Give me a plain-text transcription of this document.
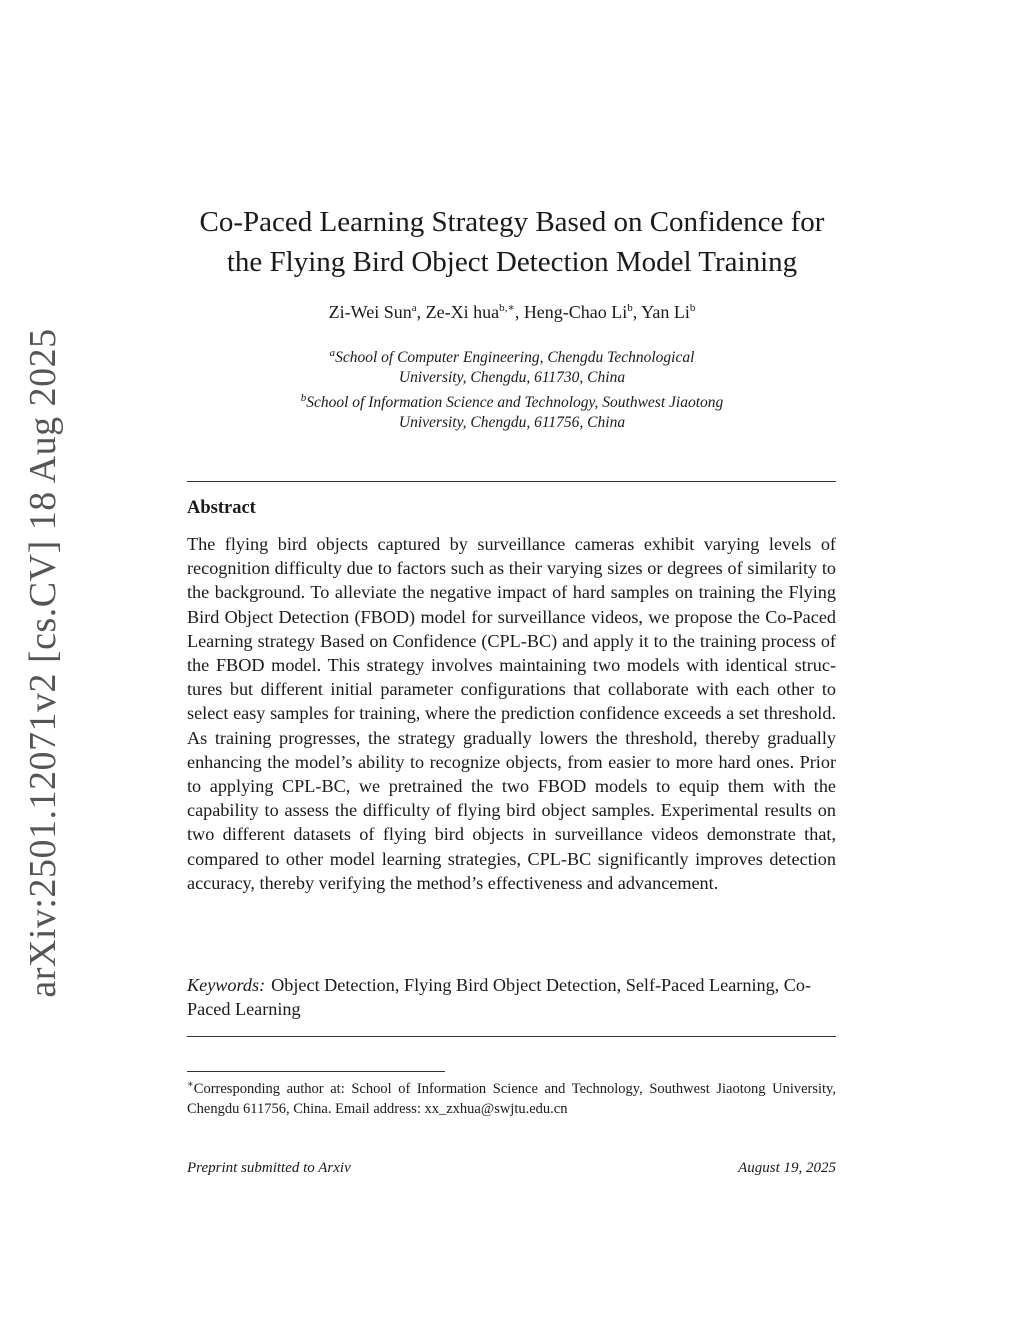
arXiv:2501.12071v2 [cs.CV] 18 Aug 2025
Co-Paced Learning Strategy Based on Confidence for
the Flying Bird Object Detection Model Training
Zi-Wei Sun$^a$, Ze-Xi hua$^{b,∗}$, Heng-Chao Li$^b$, Yan Li$^b$
$^a$School of Computer Engineering, Chengdu Technological
University, Chengdu, 611730, China
$^b$School of Information Science and Technology, Southwest Jiaotong
University, Chengdu, 611756, China
Abstract
The flying bird objects captured by surveillance cameras exhibit varying levels of recognition difficulty due to factors such as their varying sizes or degrees of similarity to the background. To alleviate the negative impact of hard samples on training the Flying Bird Object Detection (FBOD) model for surveillance videos, we propose the Co-Paced Learning strategy Based on Confidence (CPL-BC) and apply it to the training process of the FBOD model. This strategy involves maintaining two models with identical structures but different initial parameter configurations that collaborate with each other to select easy samples for training, where the prediction confidence exceeds a set threshold. As training progresses, the strategy gradually lowers the threshold, thereby gradually enhancing the model’s ability to recognize objects, from easier to more hard ones. Prior to applying CPL-BC, we pretrained the two FBOD models to equip them with the capability to assess the difficulty of flying bird object samples. Experimental results on two different datasets of flying bird objects in surveillance videos demonstrate that, compared to other model learning strategies, CPL-BC significantly improves detection accuracy, thereby verifying the method’s effectiveness and advancement.
Keywords: Object Detection, Flying Bird Object Detection, Self-Paced Learning, Co-Paced Learning
∗Corresponding author at: School of Information Science and Technology, Southwest Jiaotong University, Chengdu 611756, China. Email address: xx_zxhua@swjtu.edu.cn
Preprint submitted to Arxiv	August 19, 2025
